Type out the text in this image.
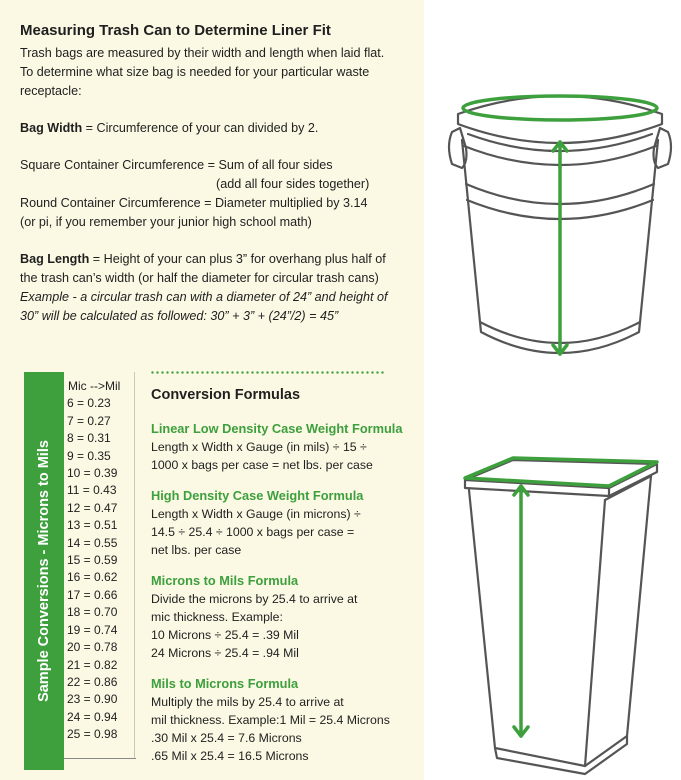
Measuring Trash Can to Determine Liner Fit

Trash bags are measured by their width and length when laid flat.

To determine what size bag is needed for your particular waste

receptacle:

Bag Width = Circumference of your can divided by 2.

Square Container Circumference = Sum of all four sides

(add all four sides together)

Round Container Circumference = Diameter multiplied by 3.14

(or pi, if you remember your junior high school math)

Bag Length = Height of your can plus 3” for overhang plus half of

the trash can’s width (or half the diameter for circular trash cans)

Example - a circular trash can with a diameter of 24” and height of

30” will be calculated as followed: 30” + 3” + (24”/2) = 45”

Sample Conversions - Microns to Mils
Mic -->Mil
6 = 0.23
7 = 0.27
8 = 0.31
9 = 0.35
10 = 0.39
11 = 0.43
12 = 0.47
13 = 0.51
14 = 0.55
15 = 0.59
16 = 0.62
17 = 0.66
18 = 0.70
19 = 0.74
20 = 0.78
21 = 0.82
22 = 0.86
23 = 0.90
24 = 0.94
25 = 0.98
Conversion Formulas
Linear Low Density Case Weight Formula

Length x Width x Gauge (in mils) ÷ 15 ÷

1000 x bags per case = net lbs. per case

High Density Case Weight Formula

Length x Width x Gauge (in microns) ÷

14.5 ÷ 25.4 ÷ 1000 x bags per case =

net lbs. per case

Microns to Mils Formula

Divide the microns by 25.4 to arrive at

mic thickness. Example:

10 Microns ÷ 25.4 = .39 Mil

24 Microns ÷ 25.4 = .94 Mil

Mils to Microns Formula

Multiply the mils by 25.4 to arrive at

mil thickness. Example:1 Mil = 25.4 Microns

.30 Mil x 25.4 = 7.6 Microns

.65 Mil x 25.4 = 16.5 Microns
